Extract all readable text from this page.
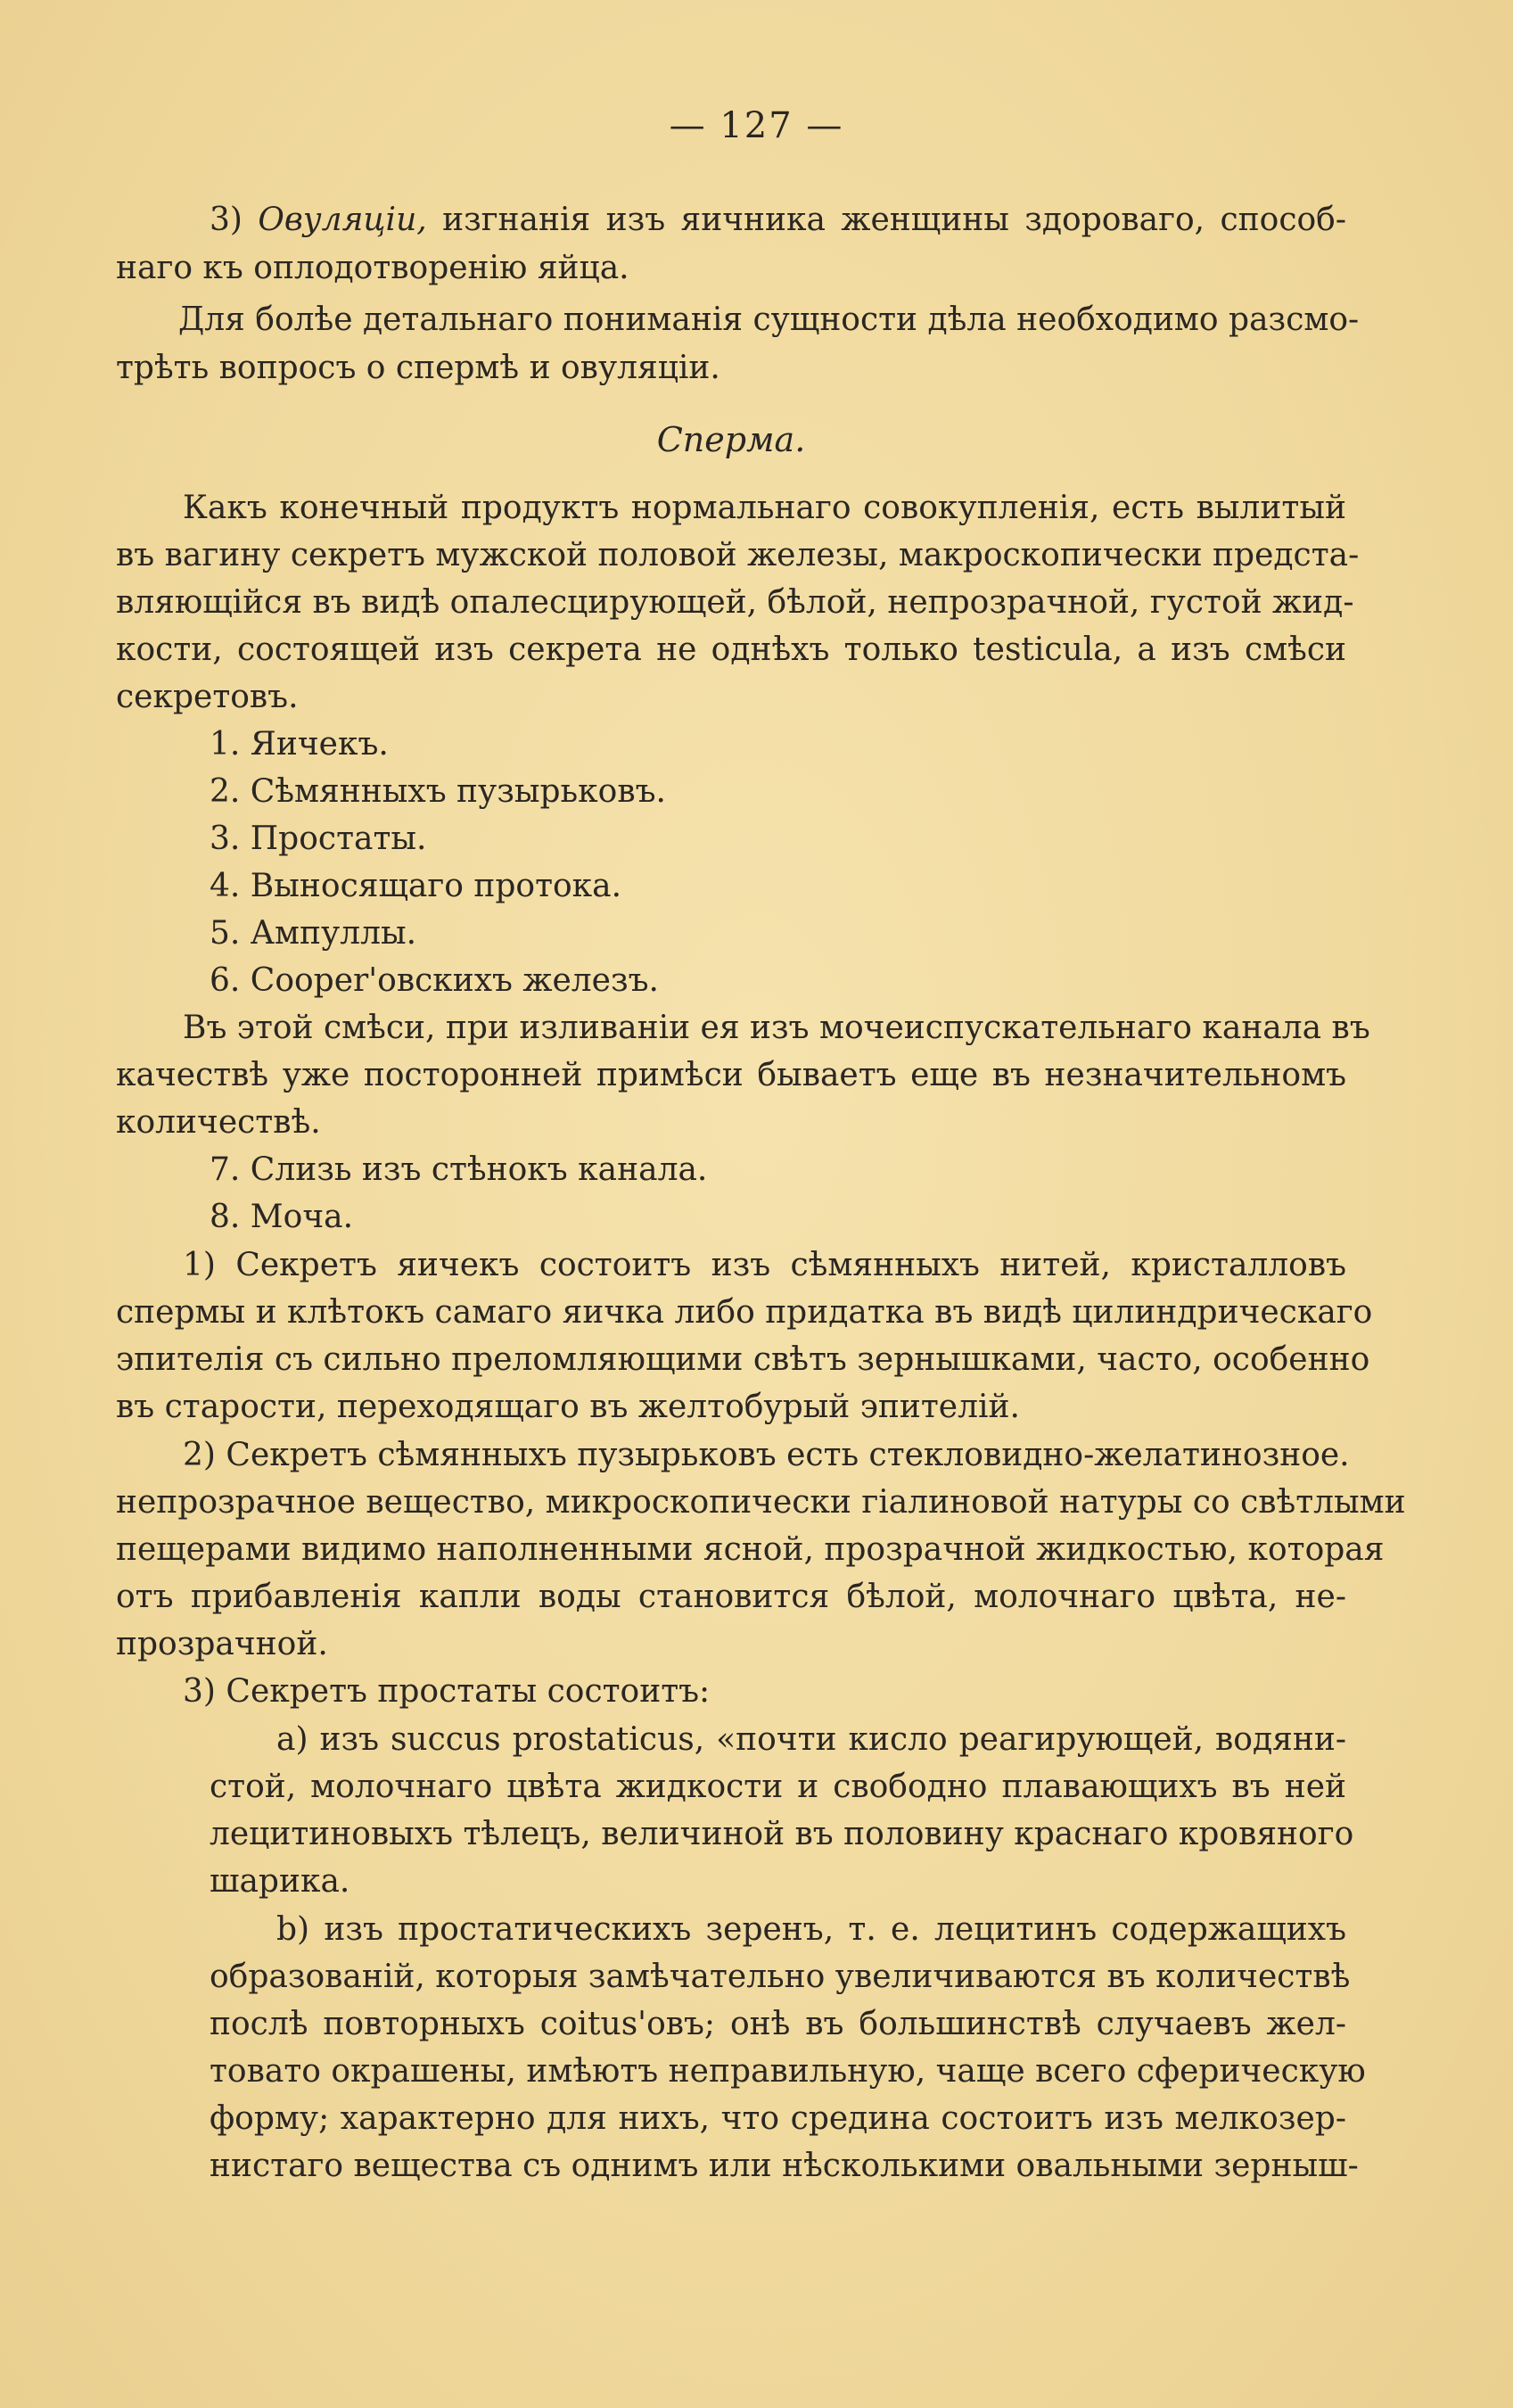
— 127 —
3) Овуляціи, изгнанія изъ яичника женщины здороваго, способ-
наго къ оплодотворенію яйца.
Для болѣе детальнаго пониманія сущности дѣла необходимо разсмо-
трѣть вопросъ о спермѣ и овуляціи.
Сперма.
Какъ конечный продуктъ нормальнаго совокупленія, есть вылитый
въ вагину секретъ мужской половой железы, макроскопически предста-
вляющійся въ видѣ опалесцирующей, бѣлой, непрозрачной, густой жид-
кости, состоящей изъ секрета не однѣхъ только testicula, а изъ смѣси
секретовъ.
1. Яичекъ.
2. Сѣмянныхъ пузырьковъ.
3. Простаты.
4. Выносящаго протока.
5. Ампуллы.
6. Cooper'овскихъ железъ.
Въ этой смѣси, при изливаніи ея изъ мочеиспускательнаго канала въ
качествѣ уже посторонней примѣси бываетъ еще въ незначительномъ
количествѣ.
7. Слизь изъ стѣнокъ канала.
8. Моча.
1) Секретъ яичекъ состоитъ изъ сѣмянныхъ нитей, кристалловъ
спермы и клѣтокъ самаго яичка либо придатка въ видѣ цилиндрическаго
эпителія съ сильно преломляющими свѣтъ зернышками, часто, особенно
въ старости, переходящаго въ желтобурый эпителій.
2) Секретъ сѣмянныхъ пузырьковъ есть стекловидно-желатинозное.
непрозрачное вещество, микроскопически гіалиновой натуры со свѣтлыми
пещерами видимо наполненными ясной, прозрачной жидкостью, которая
отъ прибавленія капли воды становится бѣлой, молочнаго цвѣта, не-
прозрачной.
3) Секретъ простаты состоитъ:
a) изъ succus prostaticus, «почти кисло реагирующей, водяни-
стой, молочнаго цвѣта жидкости и свободно плавающихъ въ ней
лецитиновыхъ тѣлецъ, величиной въ половину краснаго кровяного
шарика.
b) изъ простатическихъ зеренъ, т. е. лецитинъ содержащихъ
образованій, которыя замѣчательно увеличиваются въ количествѣ
послѣ повторныхъ coitus'овъ; онѣ въ большинствѣ случаевъ жел-
товато окрашены, имѣютъ неправильную, чаще всего сферическую
форму; характерно для нихъ, что средина состоитъ изъ мелкозер-
нистаго вещества съ однимъ или нѣсколькими овальными зерныш-
